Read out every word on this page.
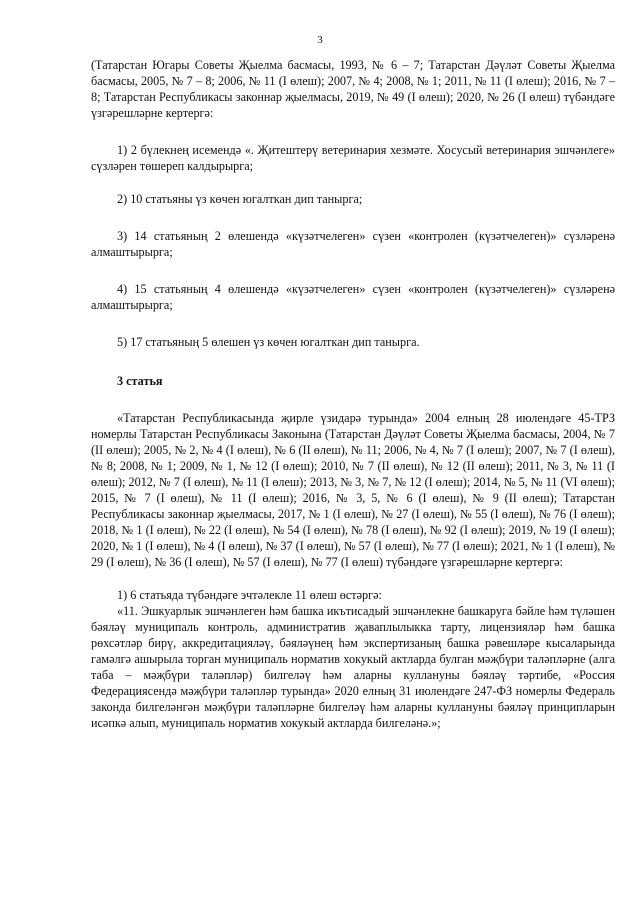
3

(Татарстан Югары Советы Җыелма басмасы, 1993, № 6 – 7; Татарстан Дәүләт Советы Җыелма басмасы, 2005, № 7 – 8; 2006, № 11 (I өлеш); 2007, № 4; 2008, № 1; 2011, № 11 (I өлеш); 2016, № 7 – 8; Татарстан Республикасы законнар җыелмасы, 2019, № 49 (I өлеш); 2020, № 26 (I өлеш) түбәндәге үзгәрешләрне кертергә:

1) 2 бүлекнең исемендә «. Җитештерү ветеринария хезмәте. Хосусый ветеринария эшчәнлеге» сүзләрен төшереп калдырырга;

2) 10 статьяны үз көчен югалткан дип танырга;

3) 14 статьяның 2 өлешендә «күзәтчелеген» сүзен «контролен (күзәтчелеген)» сүзләренә алмаштырырга;

4) 15 статьяның 4 өлешендә «күзәтчелеген» сүзен «контролен (күзәтчелеген)» сүзләренә алмаштырырга;

5) 17 статьяның 5 өлешен үз көчен югалткан дип танырга.

3 статья

«Татарстан Республикасында җирле үзидарә турында» 2004 елның 28 июлендәге 45-ТРЗ номерлы Татарстан Республикасы Законына (Татарстан Дәүләт Советы Җыелма басмасы, 2004, № 7 (II өлеш); 2005, № 2, № 4 (I өлеш), № 6 (II өлеш), № 11; 2006, № 4, № 7 (I өлеш); 2007, № 7 (I өлеш), № 8; 2008, № 1; 2009, № 1, № 12 (I өлеш); 2010, № 7 (II өлеш), № 12 (II өлеш); 2011, № 3, № 11 (I өлеш); 2012, № 7 (I өлеш), № 11 (I өлеш); 2013, № 3, № 7, № 12 (I өлеш); 2014, № 5, № 11 (VI өлеш); 2015, № 7 (I өлеш), № 11 (I өлеш); 2016, № 3, 5, № 6 (I өлеш), № 9 (II өлеш); Татарстан Республикасы законнар җыелмасы, 2017, № 1 (I өлеш), № 27 (I өлеш), № 55 (I өлеш), № 76 (I өлеш); 2018, № 1 (I өлеш), № 22 (I өлеш), № 54 (I өлеш), № 78 (I өлеш), № 92 (I өлеш); 2019, № 19 (I өлеш); 2020, № 1 (I өлеш), № 4 (I өлеш), № 37 (I өлеш), № 57 (I өлеш), № 77 (I өлеш); 2021, № 1 (I өлеш), № 29 (I өлеш), № 36 (I өлеш), № 57 (I өлеш), № 77 (I өлеш) түбәндәге үзгәрешләрне кертергә:

1) 6 статьяда түбәндәге эчтәлекле 11 өлеш өстәргә:

«11. Эшкуарлык эшчәнлеген һәм башка икътисадый эшчәнлекне башкаруга бәйле һәм түләшен бәяләү муниципаль контроль, административ җаваплылыкка тарту, лицензияләр һәм башка рөхсәтләр бирү, аккредитацияләү, бәяләүнең һәм экспертизаның башка рәвешләре кысаларында гамәлгә ашырыла торган муниципаль норматив хокукый актларда булган мәҗбүри таләпләрне (алга таба – мәҗбүри таләпләр) билгеләү һәм аларны куллануны бәяләү тәртибе, «Россия Федерациясендә мәҗбүри таләпләр турында» 2020 елның 31 июлендәге 247-ФЗ номерлы Федераль законда билгеләнгән мәҗбүри таләпләрне билгеләү һәм аларны куллануны бәяләү принципларын исәпкә алып, муниципаль норматив хокукый актларда билгеләнә.»;
